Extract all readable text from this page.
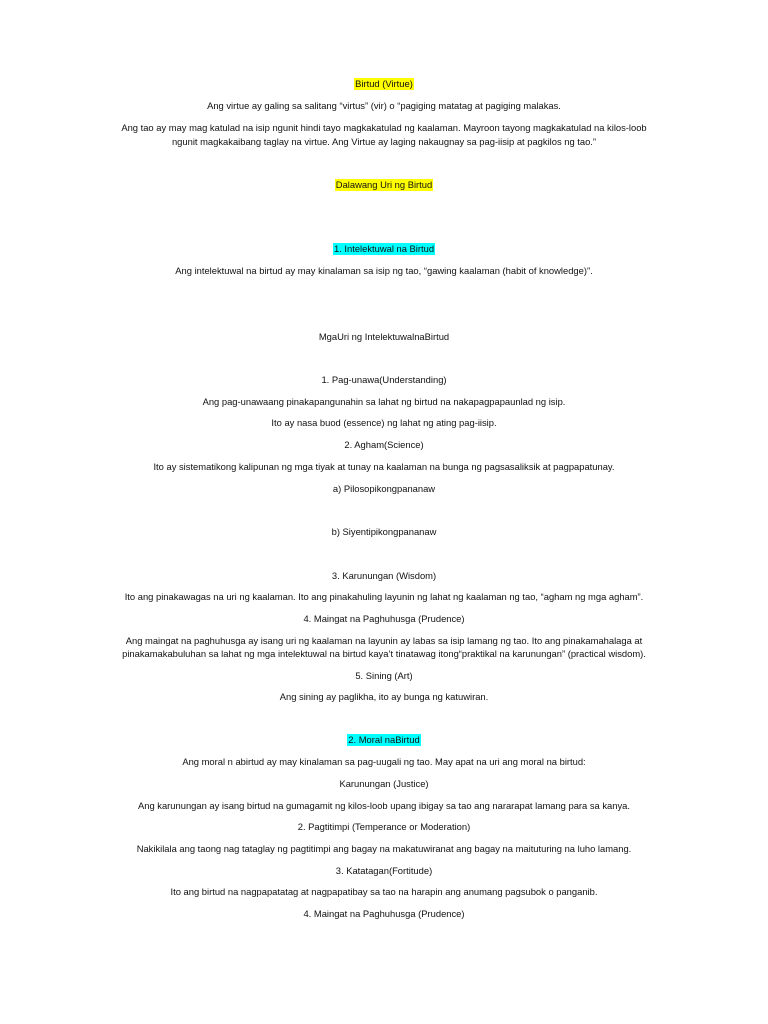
Birtud (Virtue)
Ang virtue ay galing sa salitang “virtus” (vir) o “pagiging matatag at pagiging malakas.
Ang tao ay may mag katulad na isip ngunit hindi tayo magkakatulad ng kaalaman. Mayroon tayong magkakatulad na kilos-loob
ngunit magkakaibang taglay na virtue. Ang Virtue ay laging nakaugnay sa pag-iisip at pagkilos ng tao.”
Dalawang Uri ng Birtud
1. Intelektuwal na Birtud
Ang intelektuwal na birtud ay may kinalaman sa isip ng tao, “gawing kaalaman (habit of knowledge)”.
MgaUri ng IntelektuwalnaBirtud
1. Pag-unawa(Understanding)
Ang pag-unawaang pinakapangunahin sa lahat ng birtud na nakapagpapaunlad ng isip.
Ito ay nasa buod (essence) ng lahat ng ating pag-iisip.
2. Agham(Science)
Ito ay sistematikong kalipunan ng mga tiyak at tunay na kaalaman na bunga ng pagsasaliksik at pagpapatunay.
a) Pilosopikongpananaw
b) Siyentipikongpananaw
3. Karunungan (Wisdom)
Ito ang pinakawagas na uri ng kaalaman. Ito ang pinakahuling layunin ng lahat ng kaalaman ng tao, “agham ng mga agham”.
4. Maingat na Paghuhusga (Prudence)
Ang maingat na paghuhusga ay isang uri ng kaalaman na layunin ay labas sa isip lamang ng tao. Ito ang pinakamahalaga at
pinakamakabuluhan sa lahat ng mga intelektuwal na birtud kaya’t tinatawag itong“praktikal na karunungan” (practical wisdom).
5. Sining (Art)
Ang sining ay paglikha, ito ay bunga ng katuwiran.
2. Moral naBirtud
Ang moral n abirtud ay may kinalaman sa pag-uugali ng tao. May apat na uri ang moral na birtud:
Karunungan (Justice)
Ang karunungan ay isang birtud na gumagamit ng kilos-loob upang ibigay sa tao ang nararapat lamang para sa kanya.
2. Pagtitimpi (Temperance or Moderation)
Nakikilala ang taong nag tataglay ng pagtitimpi ang bagay na makatuwiranat ang bagay na maituturing na luho lamang.
3. Katatagan(Fortitude)
Ito ang birtud na nagpapatatag at nagpapatibay sa tao na harapin ang anumang pagsubok o panganib.
4. Maingat na Paghuhusga (Prudence)
